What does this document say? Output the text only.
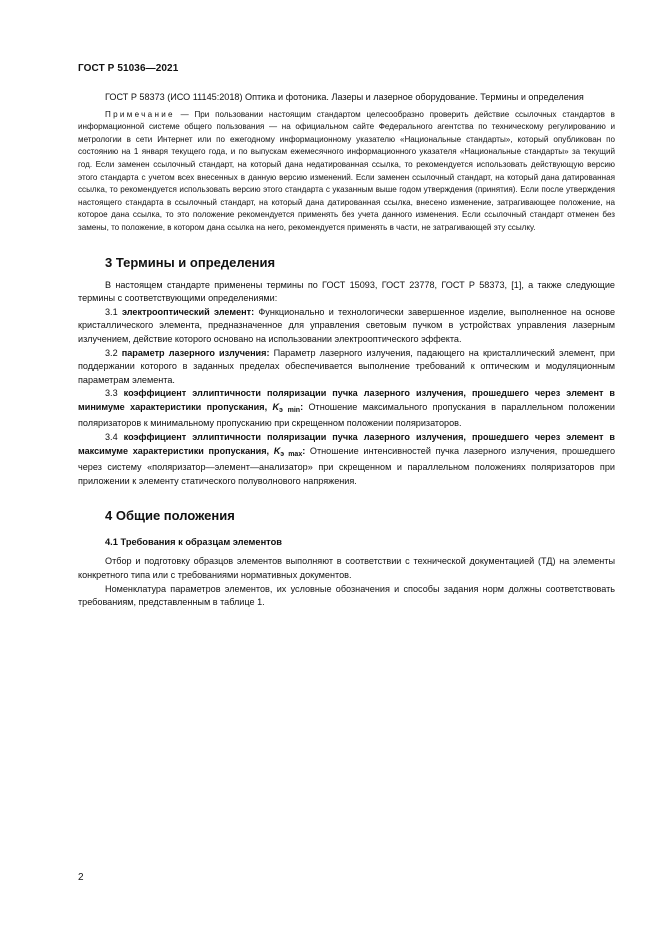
ГОСТ Р 51036—2021

ГОСТ Р 58373 (ИСО 11145:2018) Оптика и фотоника. Лазеры и лазерное оборудование. Термины и определения

Примечание — При пользовании настоящим стандартом целесообразно проверить действие ссылочных стандартов в информационной системе общего пользования — на официальном сайте Федерального агентства по техническому регулированию и метрологии в сети Интернет или по ежегодному информационному указателю «Национальные стандарты», который опубликован по состоянию на 1 января текущего года, и по выпускам ежемесячного информационного указателя «Национальные стандарты» за текущий год. Если заменен ссылочный стандарт, на который дана недатированная ссылка, то рекомендуется использовать действующую версию этого стандарта с учетом всех внесенных в данную версию изменений. Если заменен ссылочный стандарт, на который дана датированная ссылка, то рекомендуется использовать версию этого стандарта с указанным выше годом утверждения (принятия). Если после утверждения настоящего стандарта в ссылочный стандарт, на который дана датированная ссылка, внесено изменение, затрагивающее положение, на которое дана ссылка, то это положение рекомендуется применять без учета данного изменения. Если ссылочный стандарт отменен без замены, то положение, в котором дана ссылка на него, рекомендуется применять в части, не затрагивающей эту ссылку.

3 Термины и определения

В настоящем стандарте применены термины по ГОСТ 15093, ГОСТ 23778, ГОСТ Р 58373, [1], а также следующие термины с соответствующими определениями:

3.1 электрооптический элемент: Функционально и технологически завершенное изделие, выполненное на основе кристаллического элемента, предназначенное для управления световым пучком в устройствах управления лазерным излучением, действие которого основано на использовании электрооптического эффекта.

3.2 параметр лазерного излучения: Параметр лазерного излучения, падающего на кристаллический элемент, при поддержании которого в заданных пределах обеспечивается выполнение требований к оптическим и модуляционным параметрам элемента.

3.3 коэффициент эллиптичности поляризации пучка лазерного излучения, прошедшего через элемент в минимуме характеристики пропускания, $K_{э min}$: Отношение максимального пропускания в параллельном положении поляризаторов к минимальному пропусканию при скрещенном положении поляризаторов.

3.4 коэффициент эллиптичности поляризации пучка лазерного излучения, прошедшего через элемент в максимуме характеристики пропускания, $K_{э max}$: Отношение интенсивностей пучка лазерного излучения, прошедшего через систему «поляризатор—элемент—анализатор» при скрещенном и параллельном положениях поляризаторов при приложении к элементу статического полуволнового напряжения.

4 Общие положения
4.1 Требования к образцам элементов

Отбор и подготовку образцов элементов выполняют в соответствии с технической документацией (ТД) на элементы конкретного типа или с требованиями нормативных документов.

Номенклатура параметров элементов, их условные обозначения и способы задания норм должны соответствовать требованиям, представленным в таблице 1.

2
